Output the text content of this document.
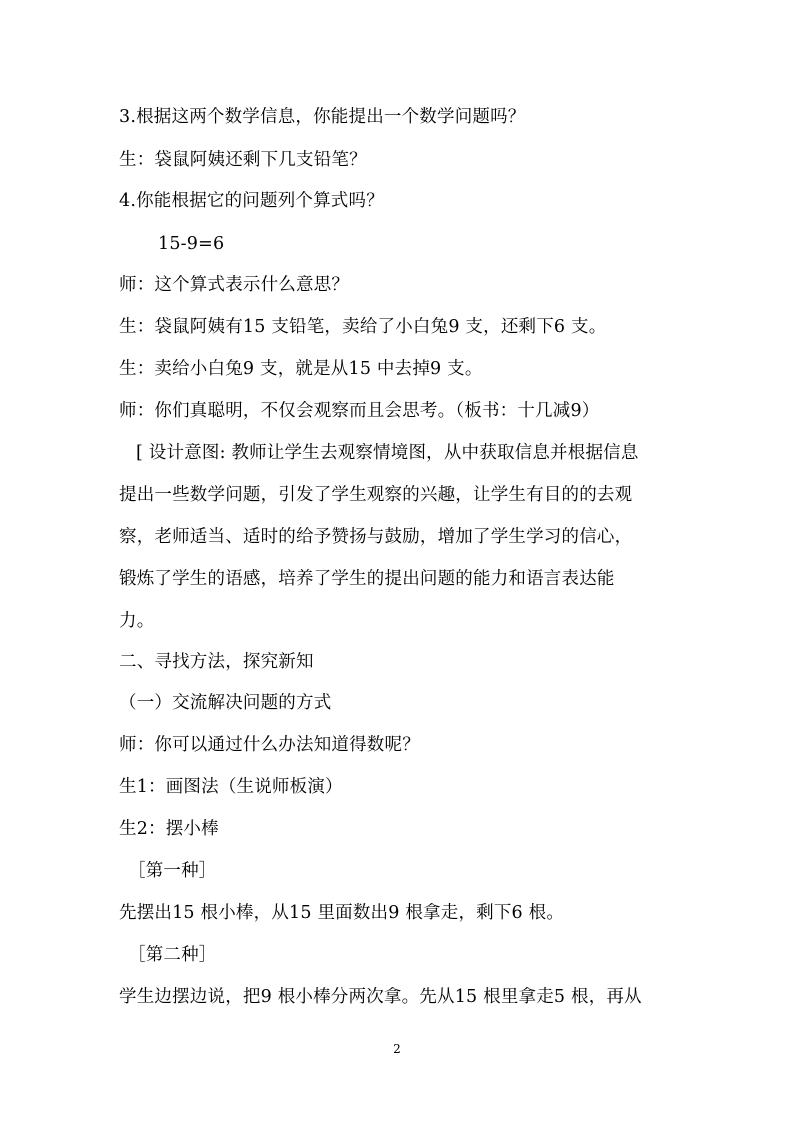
3.根据这两个数学信息，你能提出一个数学问题吗？
生：袋鼠阿姨还剩下几支铅笔？
4.你能根据它的问题列个算式吗？
15-9=6
师：这个算式表示什么意思？
生：袋鼠阿姨有15 支铅笔，卖给了小白兔9 支，还剩下6 支。
生：卖给小白兔9 支，就是从15 中去掉9 支。
师：你们真聪明，不仅会观察而且会思考。（板书：十几减9）
[ 设计意图: 教师让学生去观察情境图，从中获取信息并根据信息
提出一些数学问题，引发了学生观察的兴趣，让学生有目的的去观
察，老师适当、适时的给予赞扬与鼓励，增加了学生学习的信心，
锻炼了学生的语感，培养了学生的提出问题的能力和语言表达能
力。
二、寻找方法，探究新知
（一）交流解决问题的方式
师：你可以通过什么办法知道得数呢？
生1：画图法（生说师板演）
生2：摆小棒
［第一种］
先摆出15 根小棒，从15 里面数出9 根拿走，剩下6 根。
［第二种］
学生边摆边说，把9 根小棒分两次拿。先从15 根里拿走5 根，再从
2
